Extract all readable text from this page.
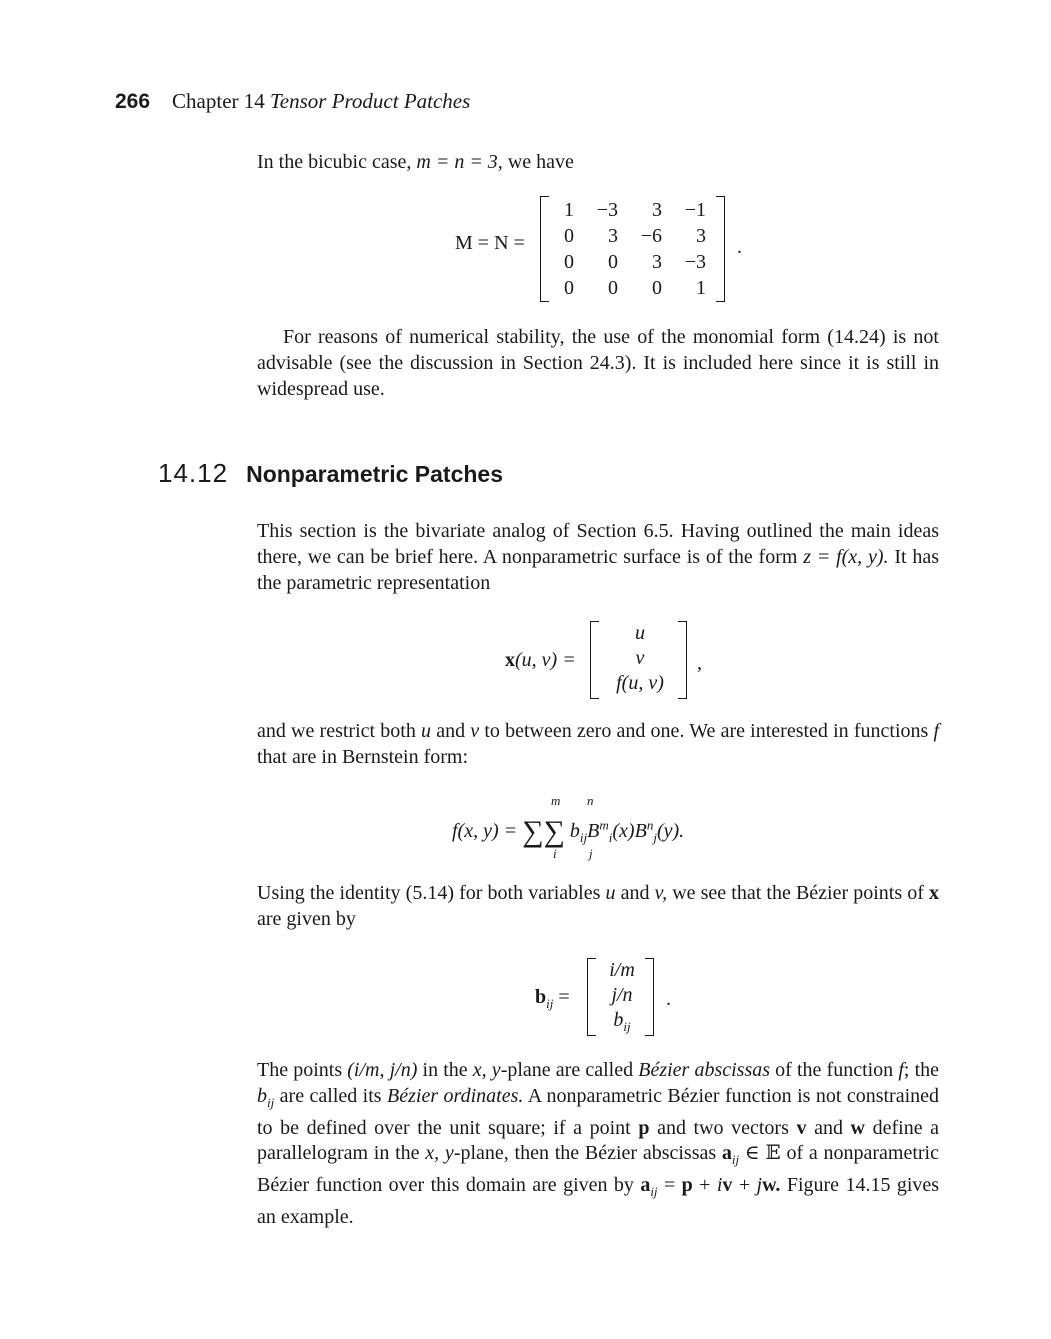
266 Chapter 14 Tensor Product Patches
In the bicubic case, m = n = 3, we have
M = N =
1	−3	3	−1
0	3	−6	3
0	0	3	−3
0	0	0	1
.

For reasons of numerical stability, the use of the monomial form (14.24) is not advisable (see the discussion in Section 24.3). It is included here since it is still in widespread use.

14.12 Nonparametric Patches

This section is the bivariate analog of Section 6.5. Having outlined the main ideas there, we can be brief here. A nonparametric surface is of the form z = f(x, y). It has the parametric representation

x(u, v) =
u
v
f(u, v)
,

and we restrict both u and v to between zero and one. We are interested in functions f that are in Bernstein form:

f(x, y) = ∑∑ $b_{ij}B^m_i(x)B^n_j(y)$.
m n
i j

Using the identity (5.14) for both variables u and v, we see that the Bézier points of x are given by

$b_{ij}$ =
i/m
j/n
$b_{ij}$
.

The points (i/m, j/n) in the x, y-plane are called Bézier abscissas of the function f; the $b_{ij}$ are called its Bézier ordinates. A nonparametric Bézier function is not constrained to be defined over the unit square; if a point p and two vectors v and w define a parallelogram in the x, y-plane, then the Bézier abscissas $a_{ij}$ ∈ 𝔼 of a nonparametric Bézier function over this domain are given by $a_{ij} = p$ + iv + jw. Figure 14.15 gives an example.
